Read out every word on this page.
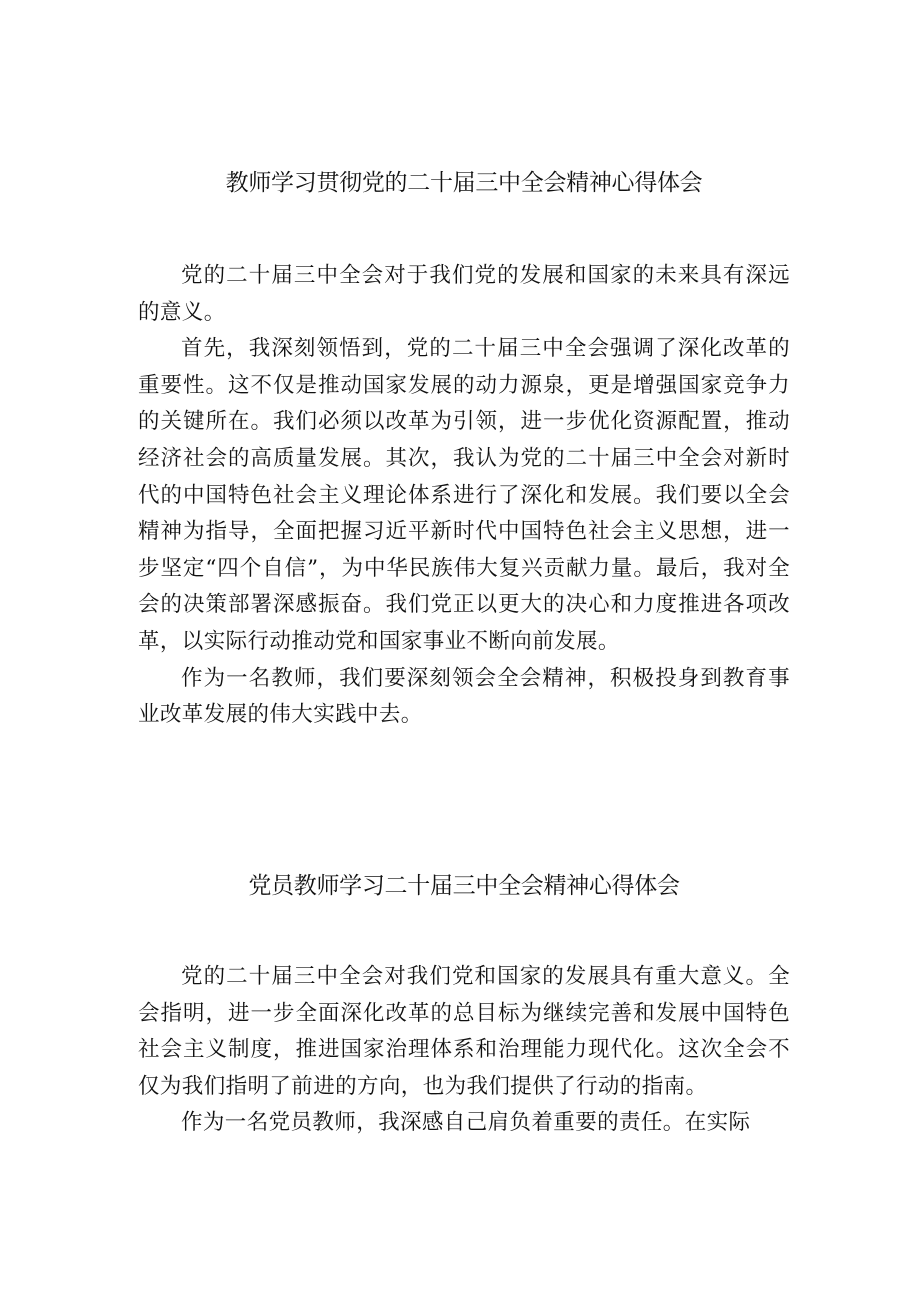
教师学习贯彻党的二十届三中全会精神心得体会

党的二十届三中全会对于我们党的发展和国家的未来具有深远的意义。

首先，我深刻领悟到，党的二十届三中全会强调了深化改革的重要性。这不仅是推动国家发展的动力源泉，更是增强国家竞争力的关键所在。我们必须以改革为引领，进一步优化资源配置，推动经济社会的高质量发展。其次，我认为党的二十届三中全会对新时代的中国特色社会主义理论体系进行了深化和发展。我们要以全会精神为指导，全面把握习近平新时代中国特色社会主义思想，进一步坚定“四个自信”，为中华民族伟大复兴贡献力量。最后，我对全会的决策部署深感振奋。我们党正以更大的决心和力度推进各项改革，以实际行动推动党和国家事业不断向前发展。

作为一名教师，我们要深刻领会全会精神，积极投身到教育事业改革发展的伟大实践中去。

党员教师学习二十届三中全会精神心得体会

党的二十届三中全会对我们党和国家的发展具有重大意义。全会指明，进一步全面深化改革的总目标为继续完善和发展中国特色社会主义制度，推进国家治理体系和治理能力现代化。这次全会不仅为我们指明了前进的方向，也为我们提供了行动的指南。

作为一名党员教师，我深感自己肩负着重要的责任。在实际
